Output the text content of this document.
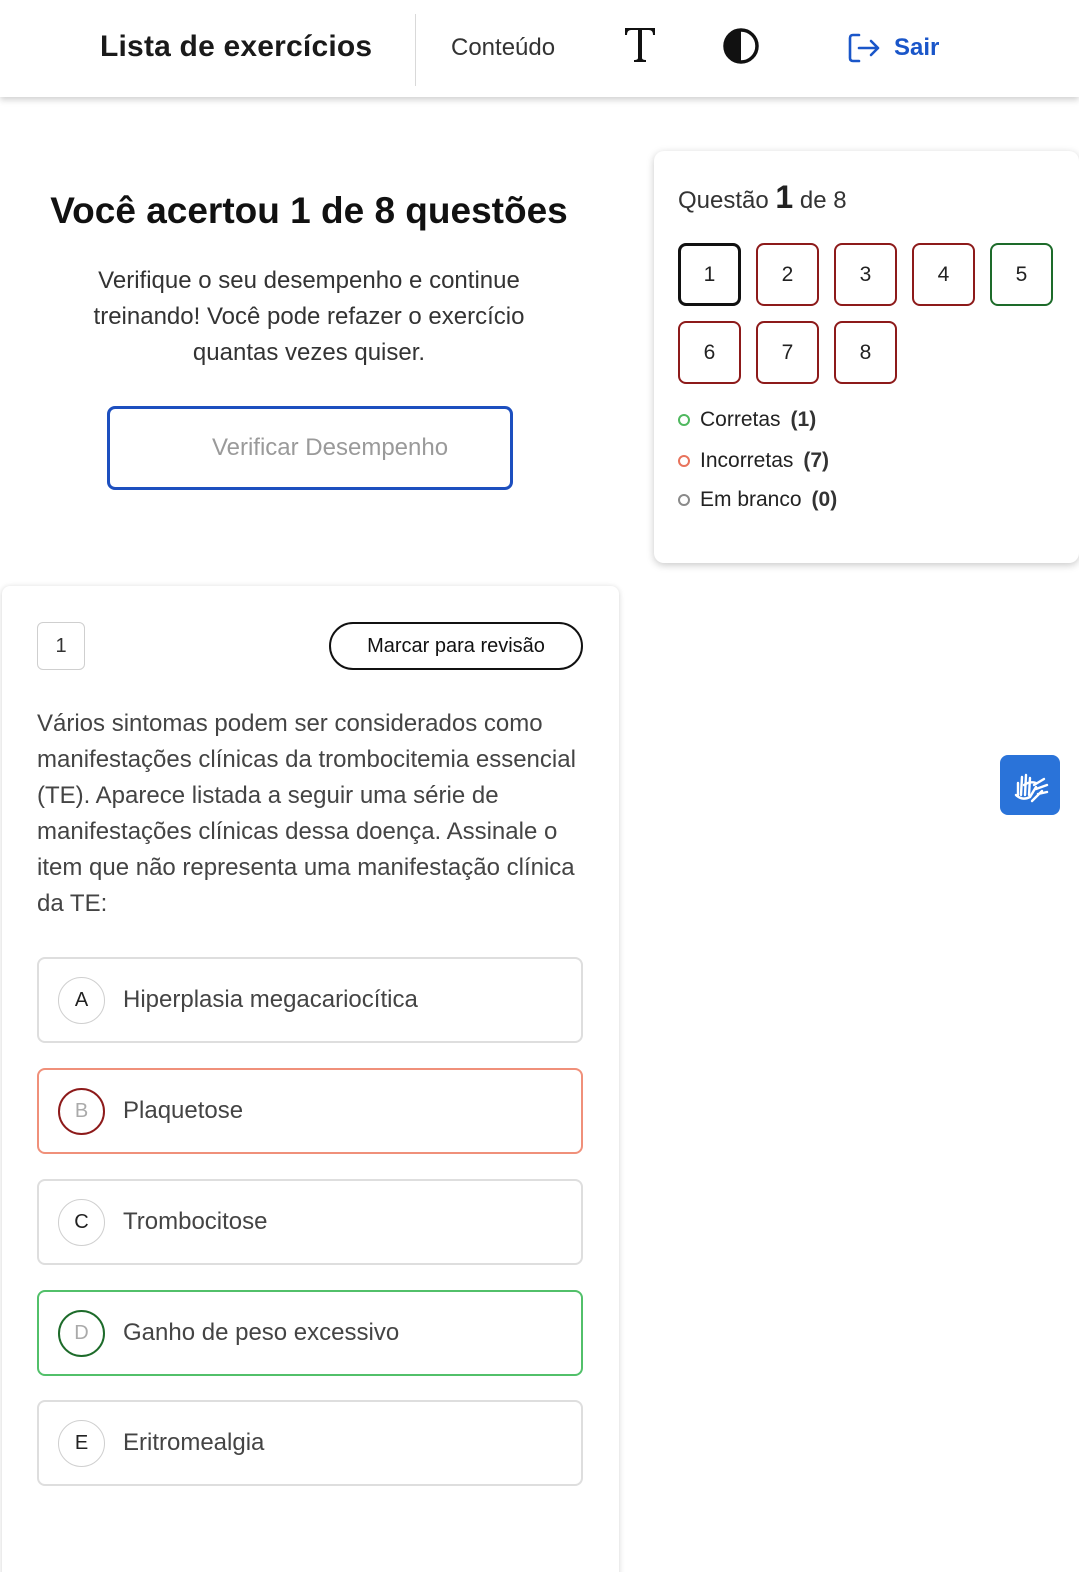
Lista de exercícios	Conteúdo	Sair
Você acertou 1 de 8 questões
Verifique o seu desempenho e continue treinando! Você pode refazer o exercício quantas vezes quiser.
Verificar Desempenho
Questão 1 de 8
1	2	3	4	5
6	7	8
Corretas (1)
Incorretas (7)
Em branco (0)
1	Marcar para revisão
Vários sintomas podem ser considerados como manifestações clínicas da trombocitemia essencial (TE). Aparece listada a seguir uma série de manifestações clínicas dessa doença. Assinale o item que não representa uma manifestação clínica da TE:
A	Hiperplasia megacariocítica
B	Plaquetose
C	Trombocitose
D	Ganho de peso excessivo
E	Eritromealgia
